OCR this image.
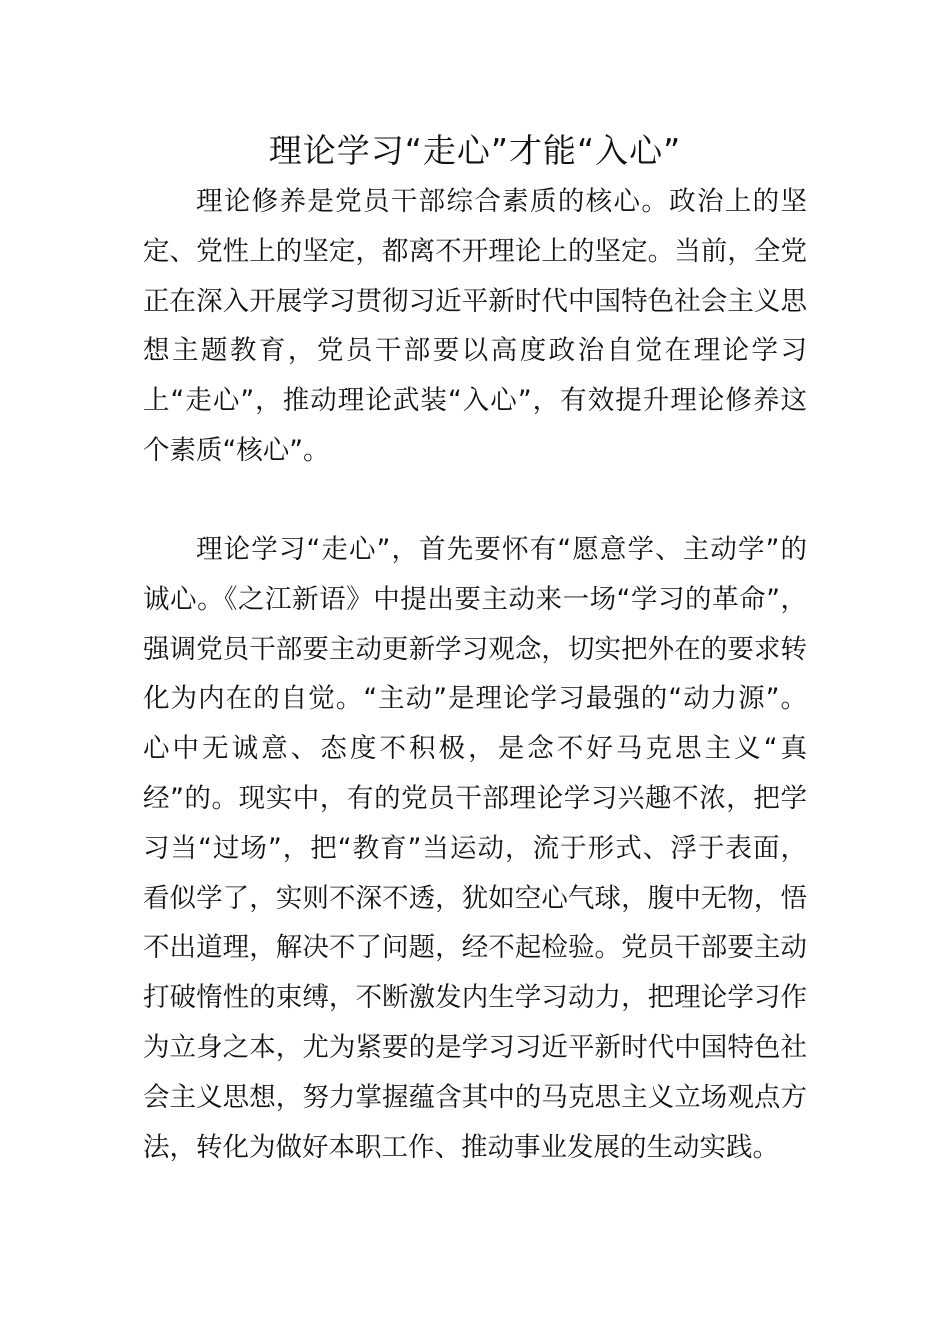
理论学习“走心”才能“入心”

理论修养是党员干部综合素质的核心。政治上的坚定、党性上的坚定，都离不开理论上的坚定。当前，全党正在深入开展学习贯彻习近平新时代中国特色社会主义思想主题教育，党员干部要以高度政治自觉在理论学习上“走心”，推动理论武装“入心”，有效提升理论修养这个素质“核心”。

理论学习“走心”，首先要怀有“愿意学、主动学”的诚心。《之江新语》中提出要主动来一场“学习的革命”，强调党员干部要主动更新学习观念，切实把外在的要求转化为内在的自觉。“主动”是理论学习最强的“动力源”。心中无诚意、态度不积极，是念不好马克思主义“真经”的。现实中，有的党员干部理论学习兴趣不浓，把学习当“过场”，把“教育”当运动，流于形式、浮于表面，看似学了，实则不深不透，犹如空心气球，腹中无物，悟不出道理，解决不了问题，经不起检验。党员干部要主动打破惰性的束缚，不断激发内生学习动力，把理论学习作为立身之本，尤为紧要的是学习习近平新时代中国特色社会主义思想，努力掌握蕴含其中的马克思主义立场观点方法，转化为做好本职工作、推动事业发展的生动实践。
